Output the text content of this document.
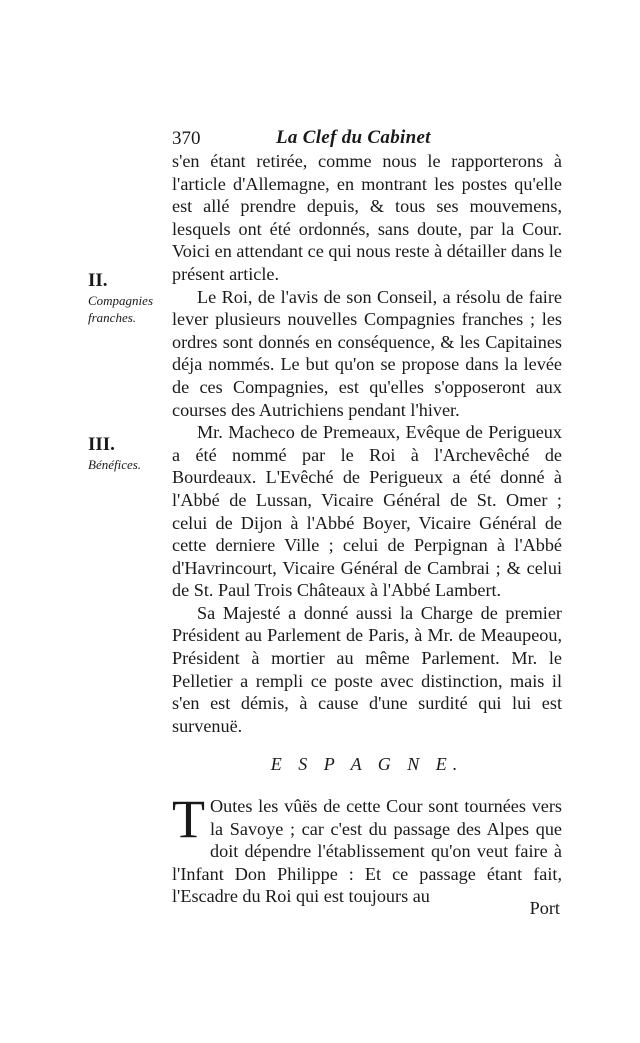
370	La Clef du Cabinet
II.
Compagnies franches.
III.
Bénéfices.

s'en étant retirée, comme nous le rapporterons à l'article d'Allemagne, en montrant les postes qu'elle est allé prendre depuis, & tous ses mouvemens, lesquels ont été ordonnés, sans doute, par la Cour. Voici en attendant ce qui nous reste à détailler dans le présent article.

Le Roi, de l'avis de son Conseil, a résolu de faire lever plusieurs nouvelles Compagnies franches ; les ordres sont donnés en conséquence, & les Capitaines déja nommés. Le but qu'on se propose dans la levée de ces Compagnies, est qu'elles s'opposeront aux courses des Autrichiens pendant l'hiver.

Mr. Macheco de Premeaux, Evêque de Perigueux a été nommé par le Roi à l'Archevêché de Bourdeaux. L'Evêché de Perigueux a été donné à l'Abbé de Lussan, Vicaire Général de St. Omer ; celui de Dijon à l'Abbé Boyer, Vicaire Général de cette derniere Ville ; celui de Perpignan à l'Abbé d'Havrincourt, Vicaire Général de Cambrai ; & celui de St. Paul Trois Châteaux à l'Abbé Lambert.

Sa Majesté a donné aussi la Charge de premier Président au Parlement de Paris, à Mr. de Meaupeou, Président à mortier au même Parlement. Mr. le Pelletier a rempli ce poste avec distinction, mais il s'en est démis, à cause d'une surdité qui lui est survenuë.

E S P A G N E.
T Outes les vûës de cette Cour sont tournées vers la Savoye ; car c'est du passage des Alpes que doit dépendre l'établissement qu'on veut faire à l'Infant Don Philippe : Et ce passage étant fait, l'Escadre du Roi qui est toujours au
Port
